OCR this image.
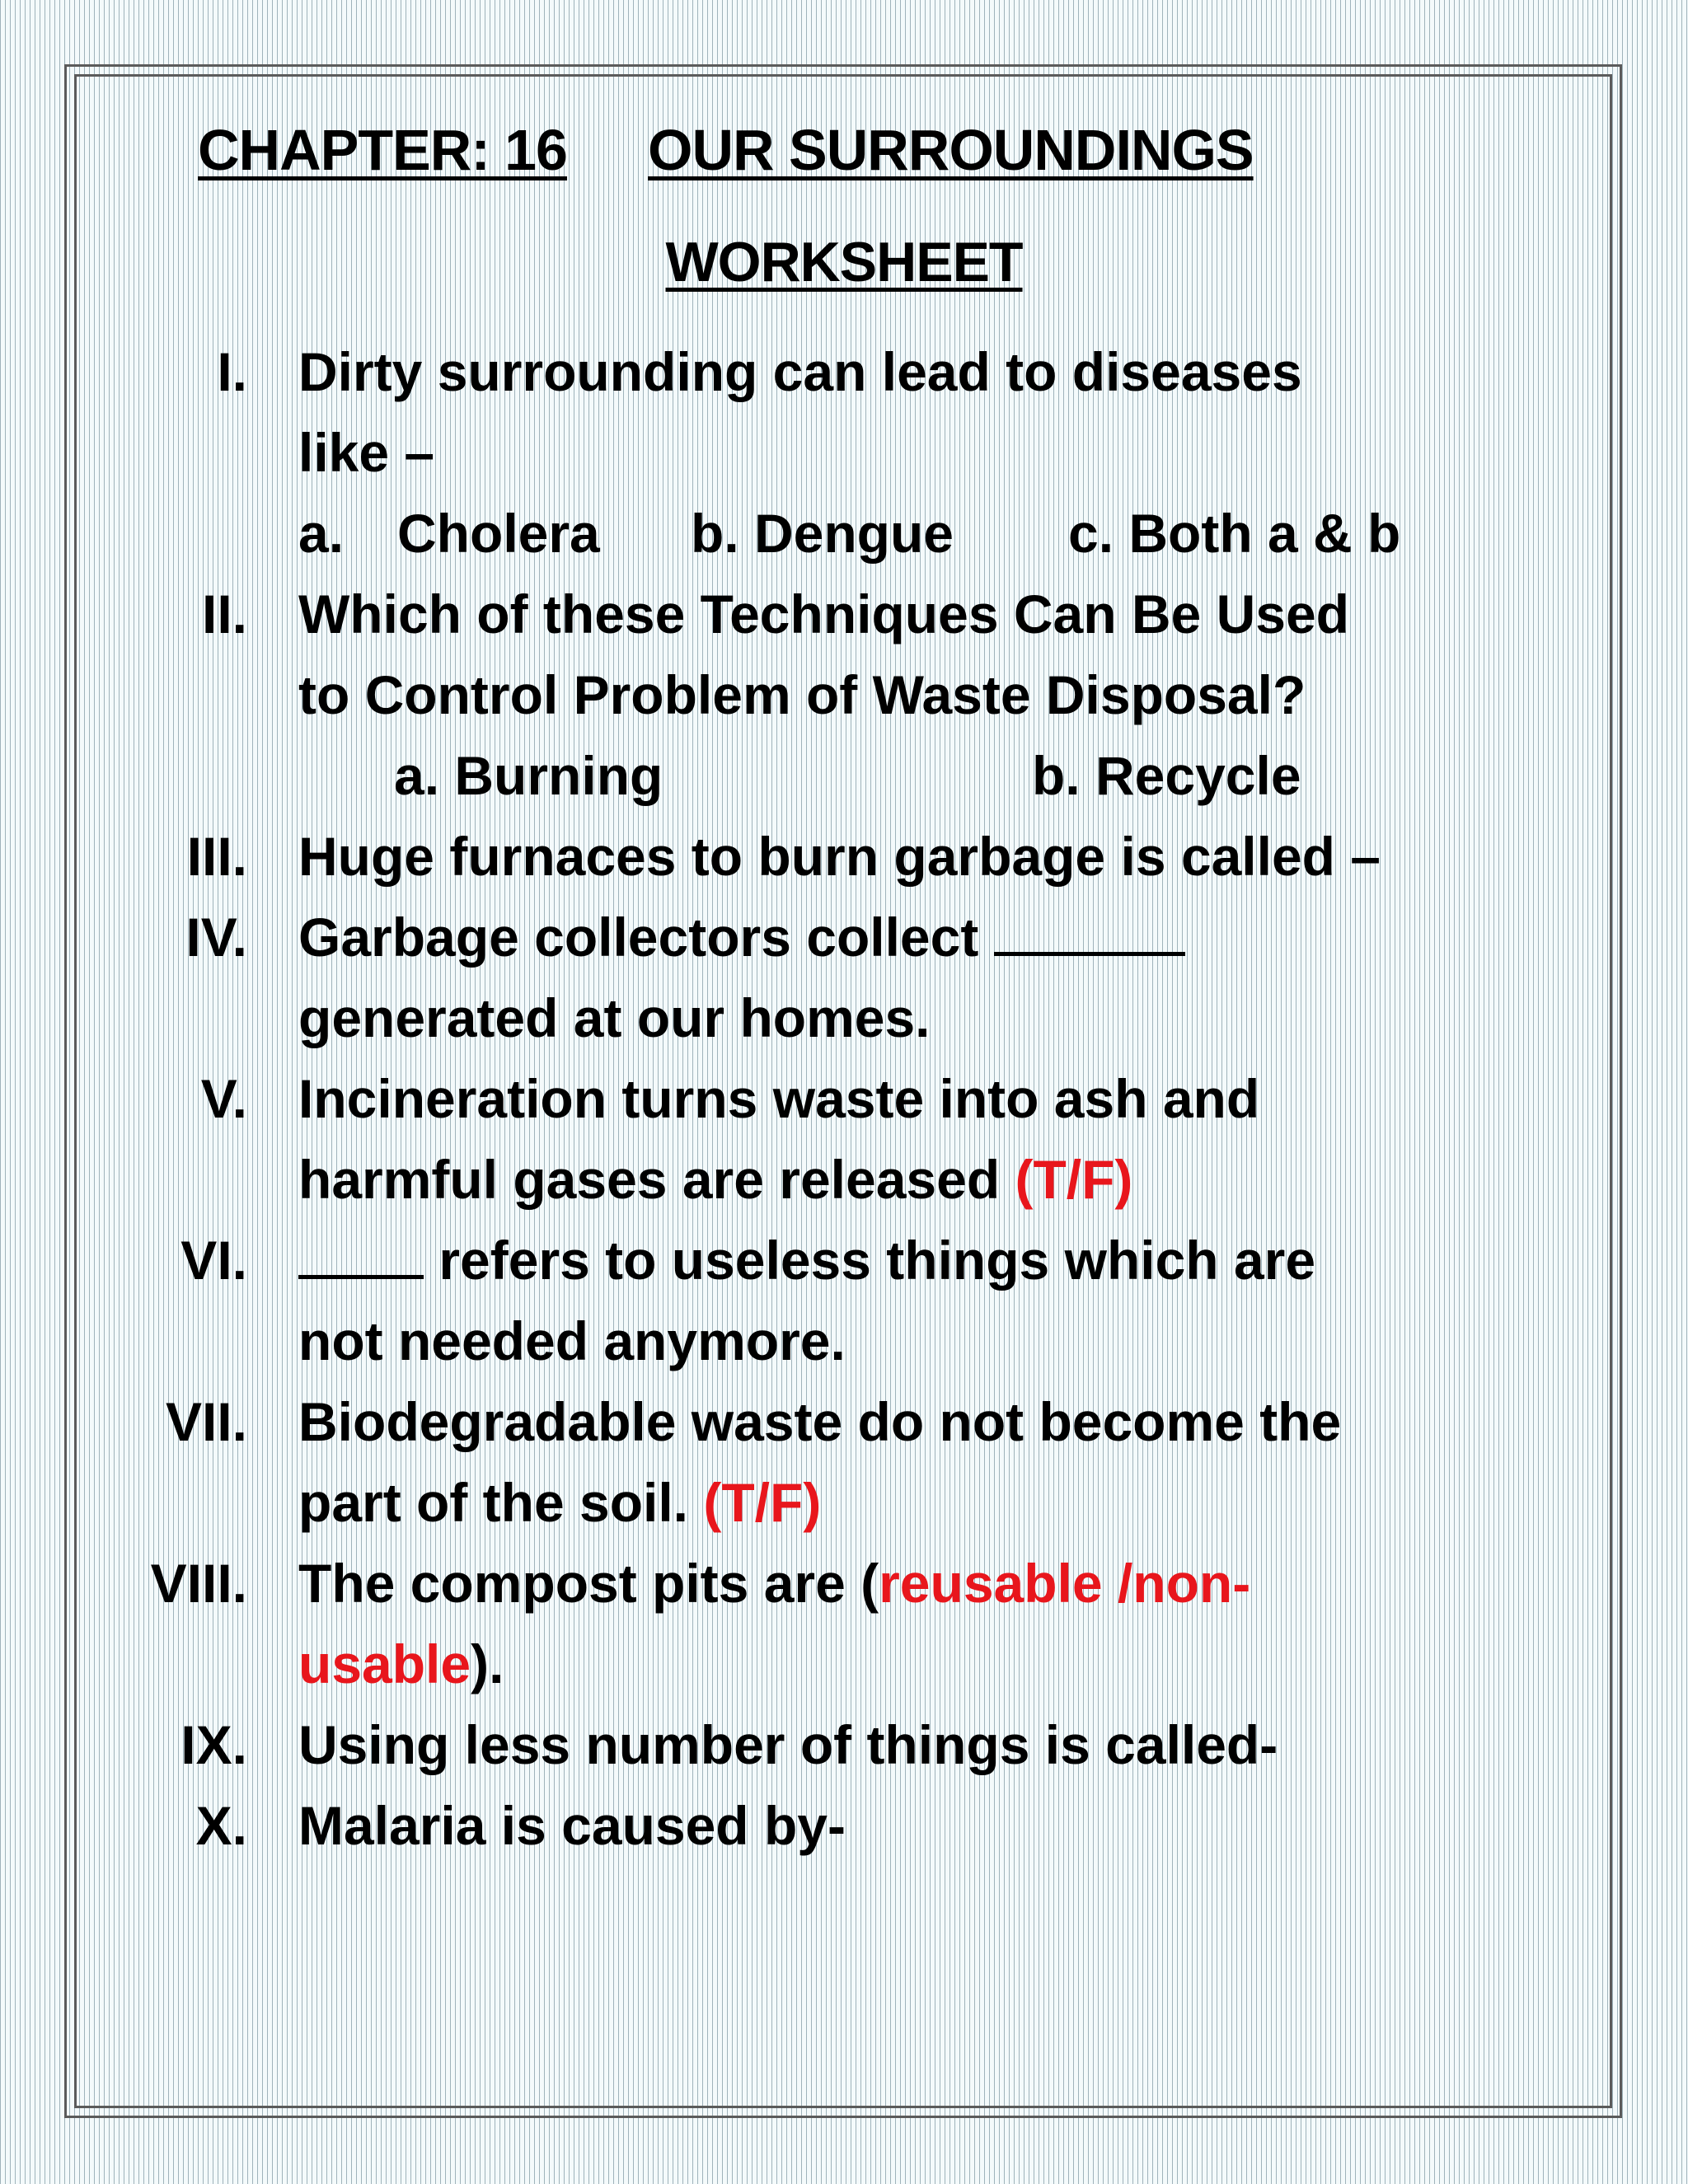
CHAPTER: 16 OUR SURROUNDINGS
WORKSHEET
I. Dirty surrounding can lead to diseases
like –
a. Cholera b. Dengue c. Both a & b
II. Which of these Techniques Can Be Used
to Control Problem of Waste Disposal?
a. Burning	b. Recycle
III. Huge furnaces to burn garbage is called –
IV. Garbage collectors collect
generated at our homes.
V. Incineration turns waste into ash and
harmful gases are released (T/F)
VI.	refers to useless things which are
not needed anymore.
VII. Biodegradable waste do not become the
part of the soil. (T/F)
VIII. The compost pits are (reusable /non-
usable).
IX. Using less number of things is called-
X. Malaria is caused by-
